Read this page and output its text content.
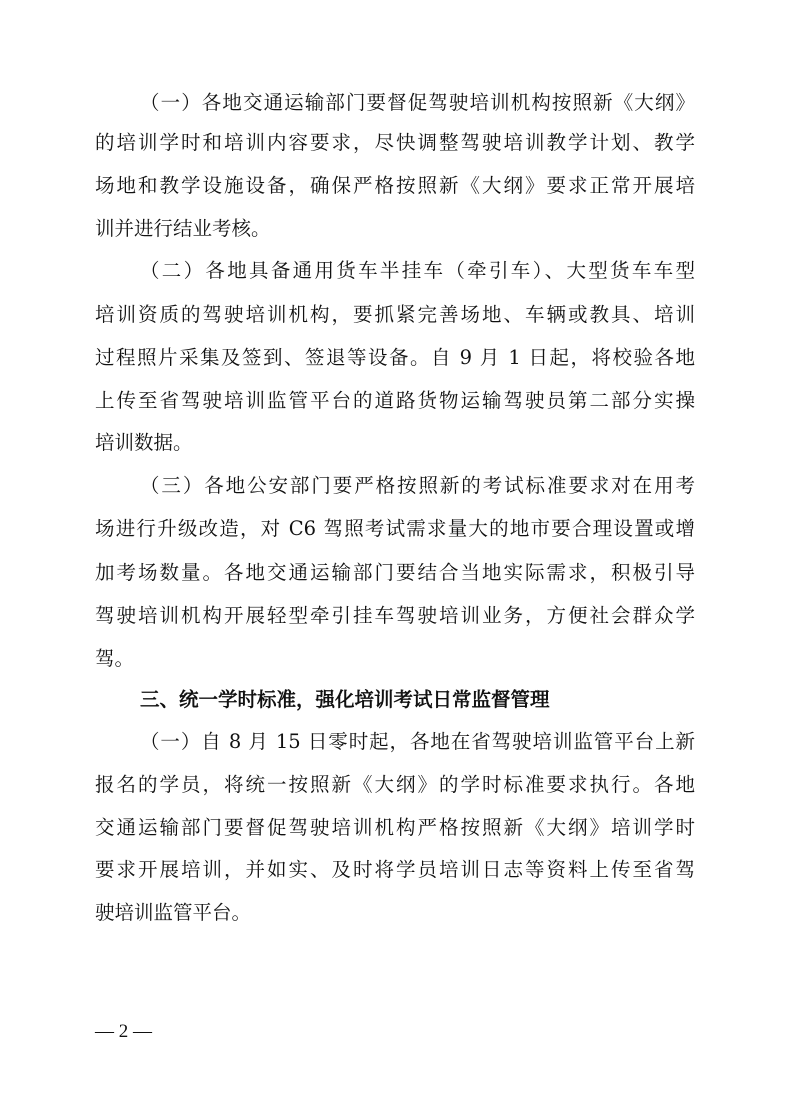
（一）各地交通运输部门要督促驾驶培训机构按照新《大纲》
的培训学时和培训内容要求，尽快调整驾驶培训教学计划、教学
场地和教学设施设备，确保严格按照新《大纲》要求正常开展培
训并进行结业考核。
（二）各地具备通用货车半挂车（牵引车）、大型货车车型
培训资质的驾驶培训机构，要抓紧完善场地、车辆或教具、培训
过程照片采集及签到、签退等设备。自 9 月 1 日起，将校验各地
上传至省驾驶培训监管平台的道路货物运输驾驶员第二部分实操
培训数据。
（三）各地公安部门要严格按照新的考试标准要求对在用考
场进行升级改造，对 C6 驾照考试需求量大的地市要合理设置或增
加考场数量。各地交通运输部门要结合当地实际需求，积极引导
驾驶培训机构开展轻型牵引挂车驾驶培训业务，方便社会群众学
驾。
三、统一学时标准，强化培训考试日常监督管理
（一）自 8 月 15 日零时起，各地在省驾驶培训监管平台上新
报名的学员，将统一按照新《大纲》的学时标准要求执行。各地
交通运输部门要督促驾驶培训机构严格按照新《大纲》培训学时
要求开展培训，并如实、及时将学员培训日志等资料上传至省驾
驶培训监管平台。
— 2 —
